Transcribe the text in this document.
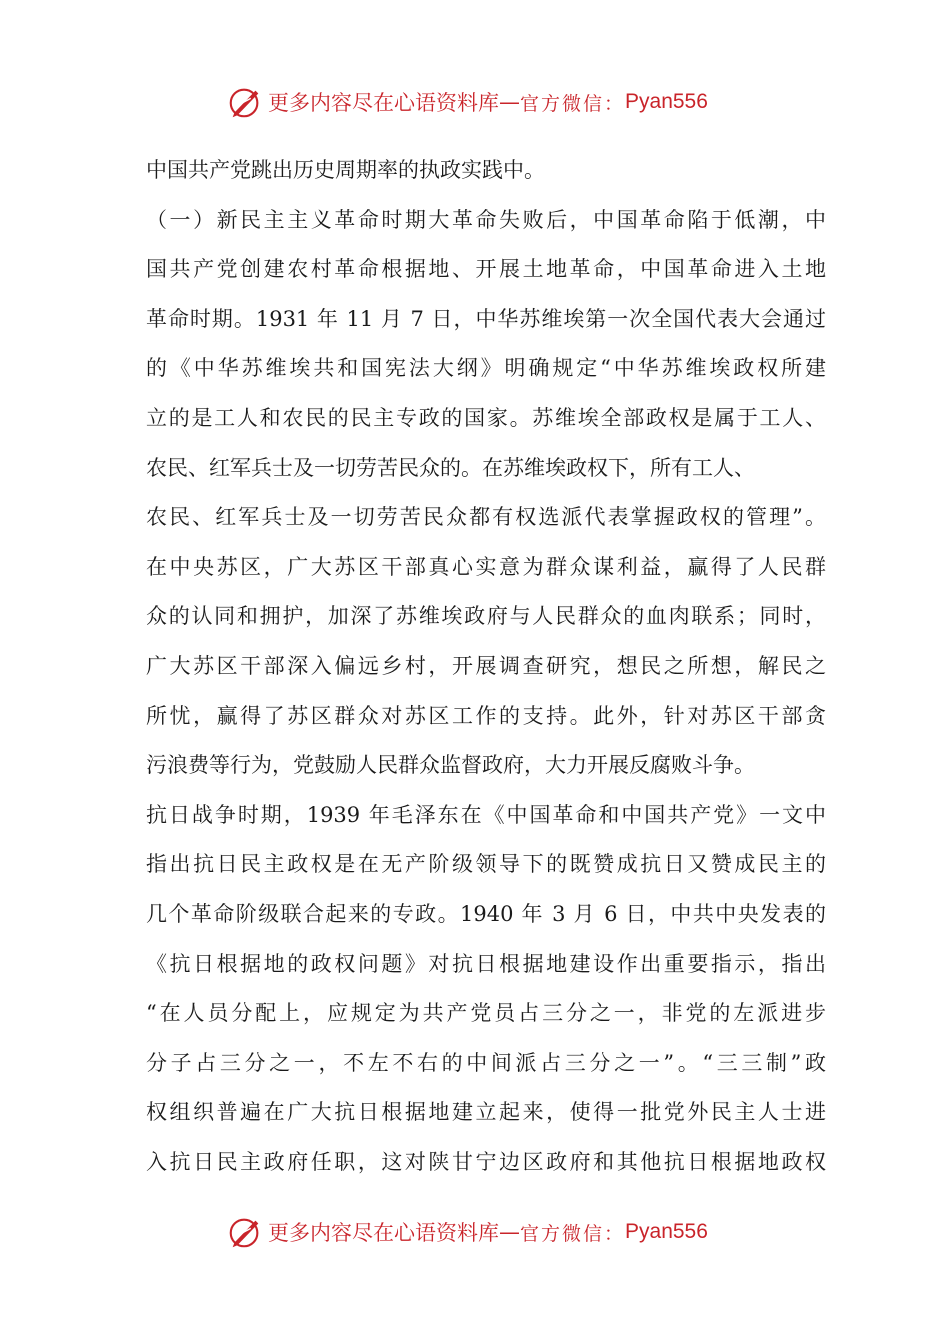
更多内容尽在心语资料库 — 官方微信： Pyan556
中国共产党跳出历史周期率的执政实践中。
（一）新民主主义革命时期大革命失败后，中国革命陷于低潮，中
国共产党创建农村革命根据地、开展土地革命，中国革命进入土地
革命时期。1931 年 11 月 7 日，中华苏维埃第一次全国代表大会通过
的《中华苏维埃共和国宪法大纲》明确规定“中华苏维埃政权所建
立的是工人和农民的民主专政的国家。苏维埃全部政权是属于工人、
农民、红军兵士及一切劳苦民众的。在苏维埃政权下，所有工人、
农民、红军兵士及一切劳苦民众都有权选派代表掌握政权的管理”。
在中央苏区，广大苏区干部真心实意为群众谋利益，赢得了人民群
众的认同和拥护，加深了苏维埃政府与人民群众的血肉联系；同时，
广大苏区干部深入偏远乡村，开展调查研究，想民之所想，解民之
所忧，赢得了苏区群众对苏区工作的支持。此外，针对苏区干部贪
污浪费等行为，党鼓励人民群众监督政府，大力开展反腐败斗争。
抗日战争时期，1939 年毛泽东在《中国革命和中国共产党》一文中
指出抗日民主政权是在无产阶级领导下的既赞成抗日又赞成民主的
几个革命阶级联合起来的专政。1940 年 3 月 6 日，中共中央发表的
《抗日根据地的政权问题》对抗日根据地建设作出重要指示，指出
“在人员分配上，应规定为共产党员占三分之一，非党的左派进步
分子占三分之一，不左不右的中间派占三分之一”。“三三制”政
权组织普遍在广大抗日根据地建立起来，使得一批党外民主人士进
入抗日民主政府任职，这对陕甘宁边区政府和其他抗日根据地政权
更多内容尽在心语资料库 — 官方微信： Pyan556
